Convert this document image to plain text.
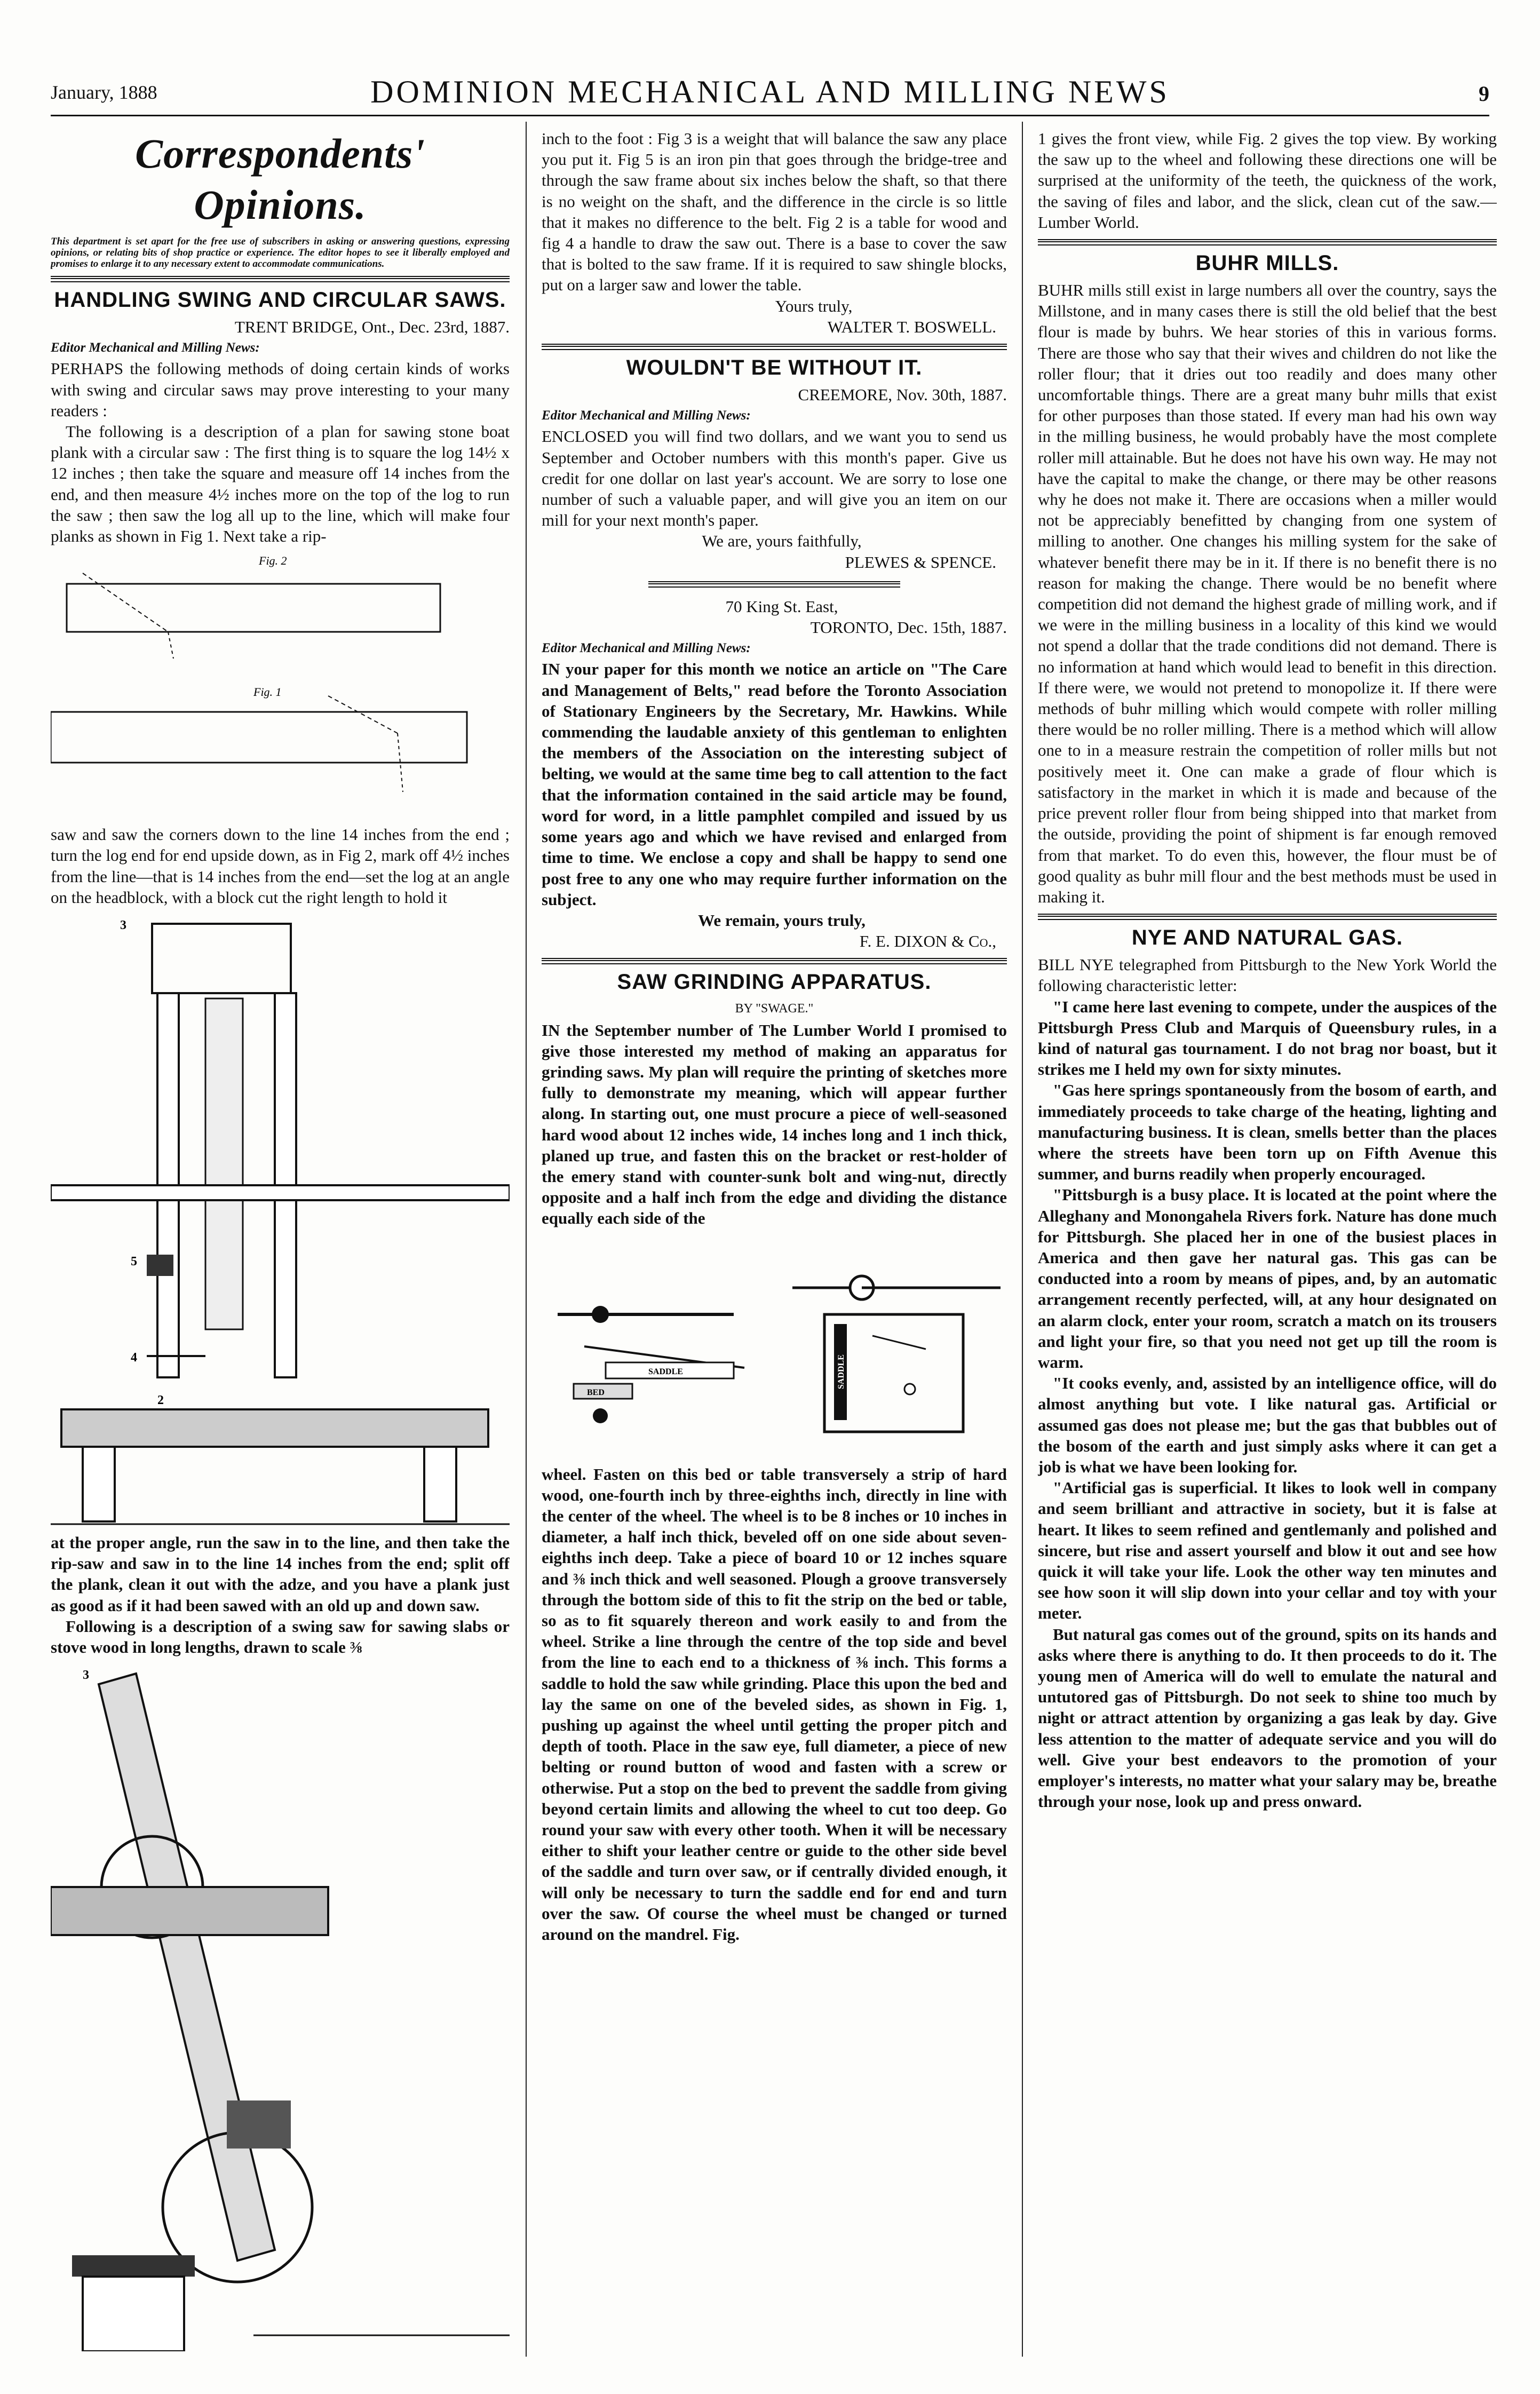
January, 1888	DOMINION MECHANICAL AND MILLING NEWS	9
Correspondents' Opinions.
This department is set apart for the free use of subscribers in asking or answering questions, expressing opinions, or relating bits of shop practice or experience. The editor hopes to see it liberally employed and promises to enlarge it to any necessary extent to accommodate communications.
HANDLING SWING AND CIRCULAR SAWS.

TRENT BRIDGE, Ont., Dec. 23rd, 1887.

Editor Mechanical and Milling News:

PERHAPS the following methods of doing certain kinds of works with swing and circular saws may prove interesting to your many readers :

The following is a description of a plan for sawing stone boat plank with a circular saw : The first thing is to square the log 14½ x 12 inches ; then take the square and measure off 14 inches from the end, and then measure 4½ inches more on the top of the log to run the saw ; then saw the log all up to the line, which will make four planks as shown in Fig 1. Next take a rip-

Fig. 2
Fig. 1

saw and saw the corners down to the line 14 inches from the end ; turn the log end for end upside down, as in Fig 2, mark off 4½ inches from the line—that is 14 inches from the end—set the log at an angle on the headblock, with a block cut the right length to hold it

3
5
4
2

at the proper angle, run the saw in to the line, and then take the rip-saw and saw in to the line 14 inches from the end; split off the plank, clean it out with the adze, and you have a plank just as good as if it had been sawed with an old up and down saw.

Following is a description of a swing saw for sawing slabs or stove wood in long lengths, drawn to scale ⅜

3

inch to the foot : Fig 3 is a weight that will balance the saw any place you put it. Fig 5 is an iron pin that goes through the bridge-tree and through the saw frame about six inches below the shaft, so that there is no weight on the shaft, and the difference in the circle is so little that it makes no difference to the belt. Fig 2 is a table for wood and fig 4 a handle to draw the saw out. There is a base to cover the saw that is bolted to the saw frame. If it is required to saw shingle blocks, put on a larger saw and lower the table.

Yours truly,

WALTER T. BOSWELL.

WOULDN'T BE WITHOUT IT.

CREEMORE, Nov. 30th, 1887.

Editor Mechanical and Milling News:

ENCLOSED you will find two dollars, and we want you to send us September and October numbers with this month's paper. Give us credit for one dollar on last year's account. We are sorry to lose one number of such a valuable paper, and will give you an item on our mill for your next month's paper.

We are, yours faithfully,

PLEWES & SPENCE.

70 King St. East,

TORONTO, Dec. 15th, 1887.

Editor Mechanical and Milling News:

IN your paper for this month we notice an article on "The Care and Management of Belts," read before the Toronto Association of Stationary Engineers by the Secretary, Mr. Hawkins. While commending the laudable anxiety of this gentleman to enlighten the members of the Association on the interesting subject of belting, we would at the same time beg to call attention to the fact that the information contained in the said article may be found, word for word, in a little pamphlet compiled and issued by us some years ago and which we have revised and enlarged from time to time. We enclose a copy and shall be happy to send one post free to any one who may require further information on the subject.

We remain, yours truly,

F. E. DIXON & Co.,

SAW GRINDING APPARATUS.

BY "SWAGE."

IN the September number of The Lumber World I promised to give those interested my method of making an apparatus for grinding saws. My plan will require the printing of sketches more fully to demonstrate my meaning, which will appear further along. In starting out, one must procure a piece of well-seasoned hard wood about 12 inches wide, 14 inches long and 1 inch thick, planed up true, and fasten this on the bracket or rest-holder of the emery stand with counter-sunk bolt and wing-nut, directly opposite and a half inch from the edge and dividing the distance equally each side of the

SADDLE
BED
SADDLE

wheel. Fasten on this bed or table transversely a strip of hard wood, one-fourth inch by three-eighths inch, directly in line with the center of the wheel. The wheel is to be 8 inches or 10 inches in diameter, a half inch thick, beveled off on one side about seven-eighths inch deep. Take a piece of board 10 or 12 inches square and ⅜ inch thick and well seasoned. Plough a groove transversely through the bottom side of this to fit the strip on the bed or table, so as to fit squarely thereon and work easily to and from the wheel. Strike a line through the centre of the top side and bevel from the line to each end to a thickness of ⅜ inch. This forms a saddle to hold the saw while grinding. Place this upon the bed and lay the same on one of the beveled sides, as shown in Fig. 1, pushing up against the wheel until getting the proper pitch and depth of tooth. Place in the saw eye, full diameter, a piece of new belting or round button of wood and fasten with a screw or otherwise. Put a stop on the bed to prevent the saddle from giving beyond certain limits and allowing the wheel to cut too deep. Go round your saw with every other tooth. When it will be necessary either to shift your leather centre or guide to the other side bevel of the saddle and turn over saw, or if centrally divided enough, it will only be necessary to turn the saddle end for end and turn over the saw. Of course the wheel must be changed or turned around on the mandrel. Fig.

1 gives the front view, while Fig. 2 gives the top view. By working the saw up to the wheel and following these directions one will be surprised at the uniformity of the teeth, the quickness of the work, the saving of files and labor, and the slick, clean cut of the saw.—Lumber World.

BUHR MILLS.

BUHR mills still exist in large numbers all over the country, says the Millstone, and in many cases there is still the old belief that the best flour is made by buhrs. We hear stories of this in various forms. There are those who say that their wives and children do not like the roller flour; that it dries out too readily and does many other uncomfortable things. There are a great many buhr mills that exist for other purposes than those stated. If every man had his own way in the milling business, he would probably have the most complete roller mill attainable. But he does not have his own way. He may not have the capital to make the change, or there may be other reasons why he does not make it. There are occasions when a miller would not be appreciably benefitted by changing from one system of milling to another. One changes his milling system for the sake of whatever benefit there may be in it. If there is no benefit there is no reason for making the change. There would be no benefit where competition did not demand the highest grade of milling work, and if we were in the milling business in a locality of this kind we would not spend a dollar that the trade conditions did not demand. There is no information at hand which would lead to benefit in this direction. If there were, we would not pretend to monopolize it. If there were methods of buhr milling which would compete with roller milling there would be no roller milling. There is a method which will allow one to in a measure restrain the competition of roller mills but not positively meet it. One can make a grade of flour which is satisfactory in the market in which it is made and because of the price prevent roller flour from being shipped into that market from the outside, providing the point of shipment is far enough removed from that market. To do even this, however, the flour must be of good quality as buhr mill flour and the best methods must be used in making it.

NYE AND NATURAL GAS.

BILL NYE telegraphed from Pittsburgh to the New York World the following characteristic letter:

"I came here last evening to compete, under the auspices of the Pittsburgh Press Club and Marquis of Queensbury rules, in a kind of natural gas tournament. I do not brag nor boast, but it strikes me I held my own for sixty minutes.

"Gas here springs spontaneously from the bosom of earth, and immediately proceeds to take charge of the heating, lighting and manufacturing business. It is clean, smells better than the places where the streets have been torn up on Fifth Avenue this summer, and burns readily when properly encouraged.

"Pittsburgh is a busy place. It is located at the point where the Alleghany and Monongahela Rivers fork. Nature has done much for Pittsburgh. She placed her in one of the busiest places in America and then gave her natural gas. This gas can be conducted into a room by means of pipes, and, by an automatic arrangement recently perfected, will, at any hour designated on an alarm clock, enter your room, scratch a match on its trousers and light your fire, so that you need not get up till the room is warm.

"It cooks evenly, and, assisted by an intelligence office, will do almost anything but vote. I like natural gas. Artificial or assumed gas does not please me; but the gas that bubbles out of the bosom of the earth and just simply asks where it can get a job is what we have been looking for.

"Artificial gas is superficial. It likes to look well in company and seem brilliant and attractive in society, but it is false at heart. It likes to seem refined and gentlemanly and polished and sincere, but rise and assert yourself and blow it out and see how quick it will take your life. Look the other way ten minutes and see how soon it will slip down into your cellar and toy with your meter.

But natural gas comes out of the ground, spits on its hands and asks where there is anything to do. It then proceeds to do it. The young men of America will do well to emulate the natural and untutored gas of Pittsburgh. Do not seek to shine too much by night or attract attention by organizing a gas leak by day. Give less attention to the matter of adequate service and you will do well. Give your best endeavors to the promotion of your employer's interests, no matter what your salary may be, breathe through your nose, look up and press onward.
